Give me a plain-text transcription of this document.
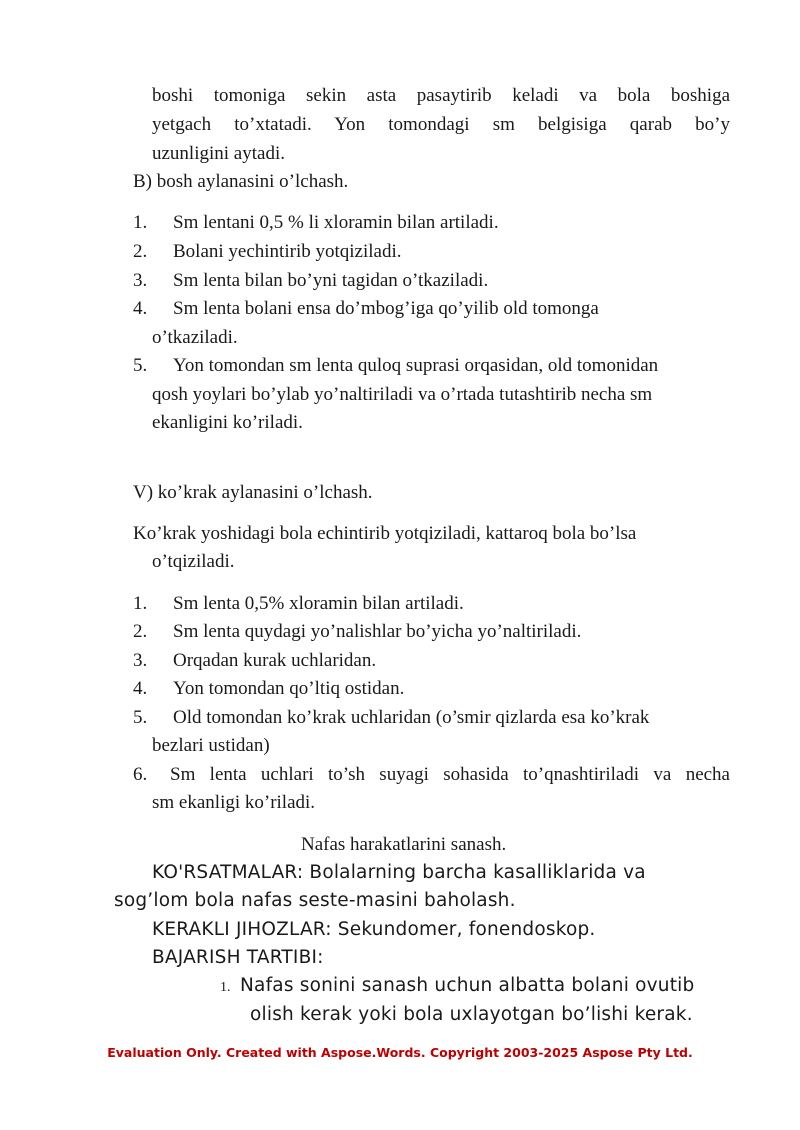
boshi tomoniga sekin asta pasaytirib keladi va bola boshiga
yetgach to’xtatadi. Yon tomondagi sm belgisiga qarab bo’y
uzunligini aytadi.
B) bosh aylanasini o’lchash.
1. Sm lentani 0,5 % li xloramin bilan artiladi.
2. Bolani yechintirib yotqiziladi.
3. Sm lenta bilan bo’yni tagidan o’tkaziladi.
4. Sm lenta bolani ensa do’mbog’iga qo’yilib old tomonga
o’tkaziladi.
5. Yon tomondan sm lenta quloq suprasi orqasidan, old tomonidan
qosh yoylari bo’ylab yo’naltiriladi va o’rtada tutashtirib necha sm
ekanligini ko’riladi.
V) ko’krak aylanasini o’lchash.
Ko’krak yoshidagi bola echintirib yotqiziladi, kattaroq bola bo’lsa
o’tqiziladi.
1. Sm lenta 0,5% xloramin bilan artiladi.
2. Sm lenta quydagi yo’nalishlar bo’yicha yo’naltiriladi.
3. Orqadan kurak uchlaridan.
4. Yon tomondan qo’ltiq ostidan.
5. Old tomondan ko’krak uchlaridan (o’smir qizlarda esa ko’krak
bezlari ustidan)
6. Sm lenta uchlari to’sh suyagi sohasida to’qnashtiriladi va necha
sm ekanligi ko’riladi.
Nafas harakatlarini sanash.
KO'RSATMALAR: Bolalarning barcha kasalliklarida va
sog’lom bola nafas seste-masini baholash.
KERAKLI JIHOZLAR: Sekundomer, fonendoskop.
BAJARISH TARTIBI:
1. Nafas sonini sanash uchun albatta bolani ovutib
olish kerak yoki bola uxlayotgan bo’lishi kerak.
Evaluation Only. Created with Aspose.Words. Copyright 2003-2025 Aspose Pty Ltd.
